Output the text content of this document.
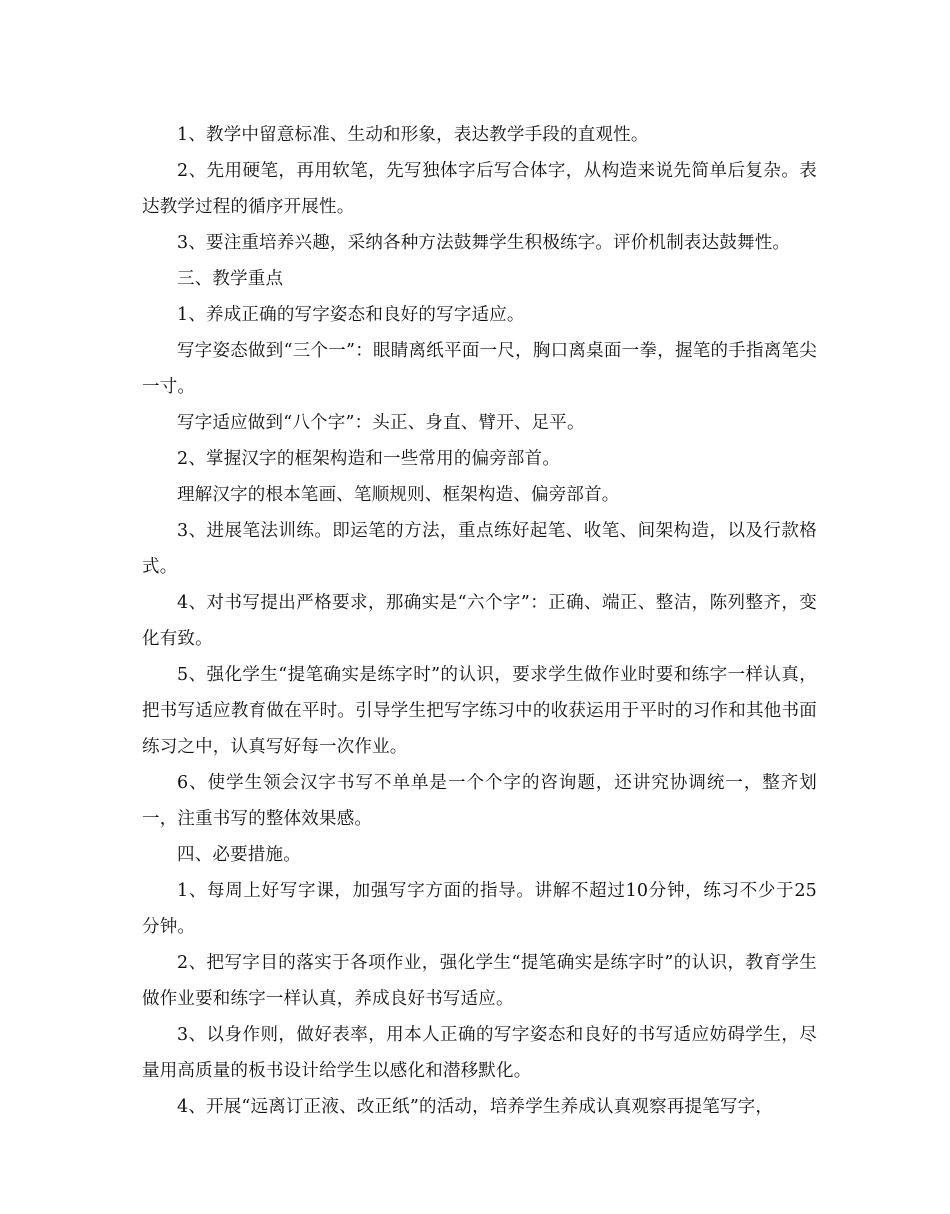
1、教学中留意标准、生动和形象，表达教学手段的直观性。

2、先用硬笔，再用软笔，先写独体字后写合体字，从构造来说先简单后复杂。表达教学过程的循序开展性。

3、要注重培养兴趣，采纳各种方法鼓舞学生积极练字。评价机制表达鼓舞性。

三、教学重点

1、养成正确的写字姿态和良好的写字适应。

写字姿态做到“三个一”：眼睛离纸平面一尺，胸口离桌面一拳，握笔的手指离笔尖一寸。

写字适应做到“八个字”：头正、身直、臂开、足平。

2、掌握汉字的框架构造和一些常用的偏旁部首。

理解汉字的根本笔画、笔顺规则、框架构造、偏旁部首。

3、进展笔法训练。即运笔的方法，重点练好起笔、收笔、间架构造，以及行款格式。

4、对书写提出严格要求，那确实是“六个字”：正确、端正、整洁，陈列整齐，变化有致。

5、强化学生“提笔确实是练字时”的认识，要求学生做作业时要和练字一样认真，把书写适应教育做在平时。引导学生把写字练习中的收获运用于平时的习作和其他书面练习之中，认真写好每一次作业。

6、使学生领会汉字书写不单单是一个个字的咨询题，还讲究协调统一，整齐划一，注重书写的整体效果感。

四、必要措施。

1、每周上好写字课，加强写字方面的指导。讲解不超过10分钟，练习不少于25分钟。

2、把写字目的落实于各项作业，强化学生“提笔确实是练字时”的认识，教育学生做作业要和练字一样认真，养成良好书写适应。

3、以身作则，做好表率，用本人正确的写字姿态和良好的书写适应妨碍学生，尽量用高质量的板书设计给学生以感化和潜移默化。

4、开展“远离订正液、改正纸”的活动，培养学生养成认真观察再提笔写字，
